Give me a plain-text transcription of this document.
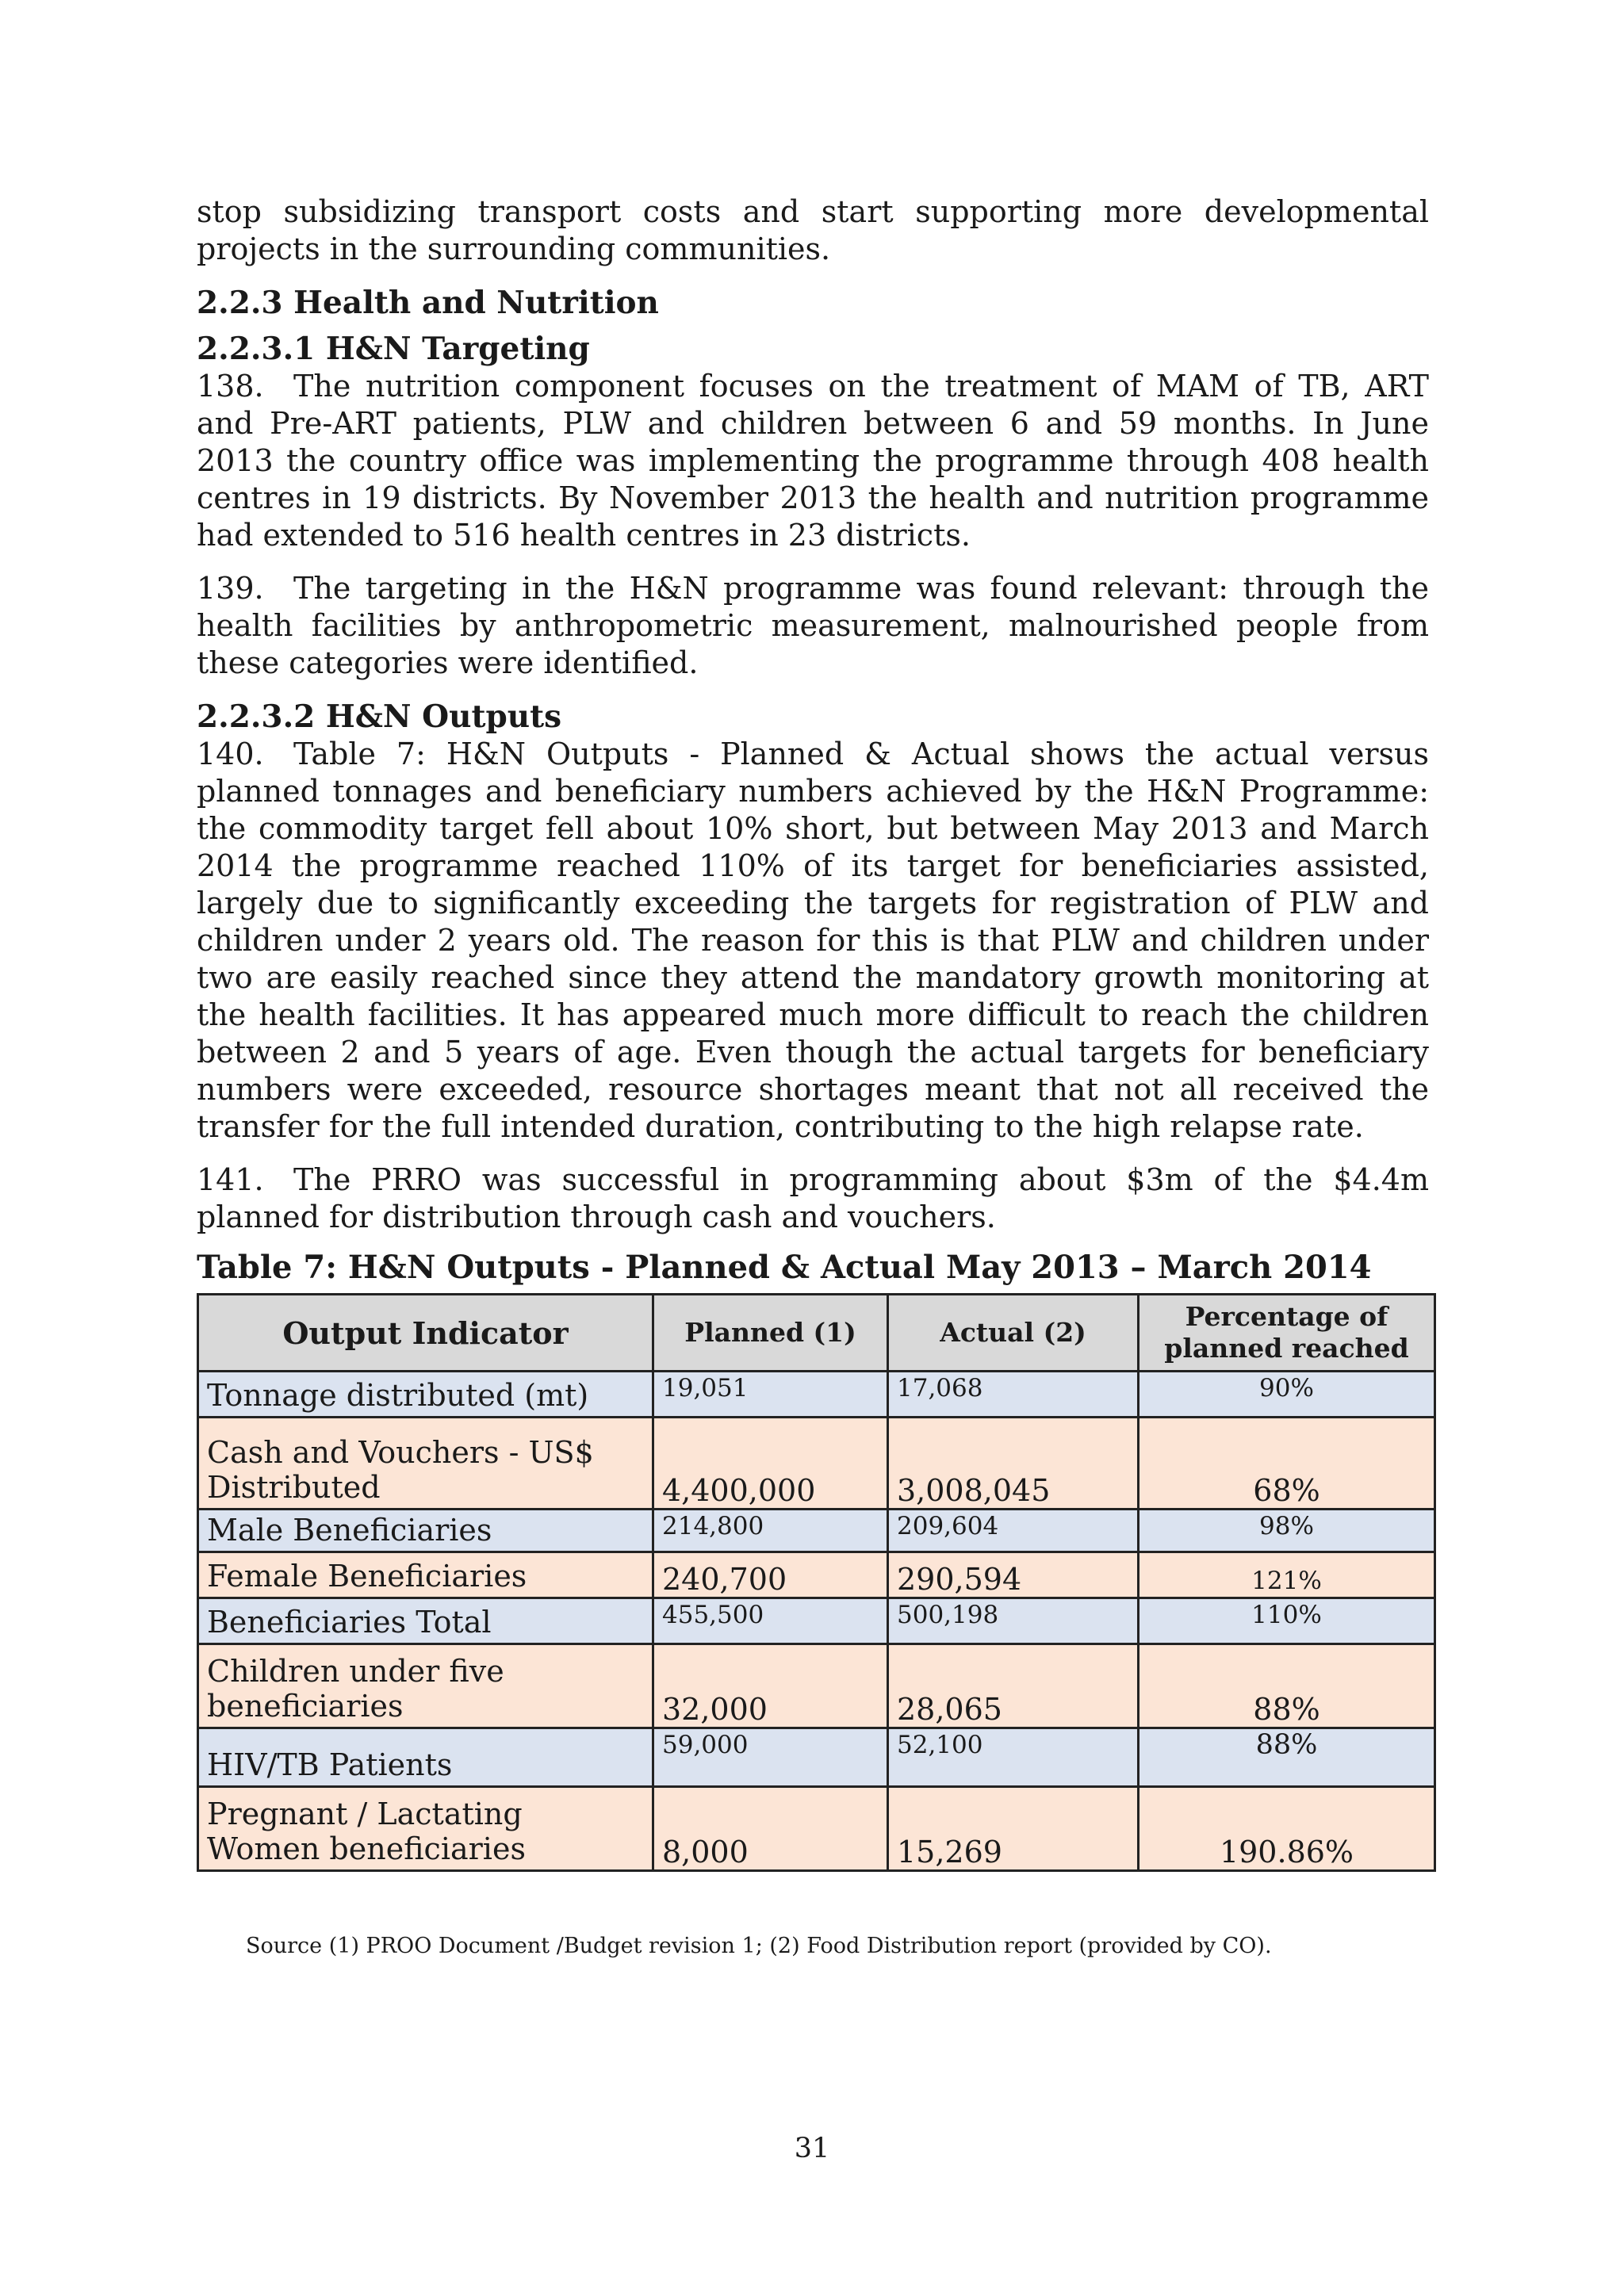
stop subsidizing transport costs and start supporting more developmental projects in the surrounding communities.

2.2.3 Health and Nutrition
2.2.3.1 H&N Targeting

138. The nutrition component focuses on the treatment of MAM of TB, ART and Pre-ART patients, PLW and children between 6 and 59 months. In June 2013 the country office was implementing the programme through 408 health centres in 19 districts. By November 2013 the health and nutrition programme had extended to 516 health centres in 23 districts.

139. The targeting in the H&N programme was found relevant: through the health facilities by anthropometric measurement, malnourished people from these categories were identified.

2.2.3.2 H&N Outputs

140. Table 7: H&N Outputs - Planned & Actual shows the actual versus planned tonnages and beneficiary numbers achieved by the H&N Programme: the commodity target fell about 10% short, but between May 2013 and March 2014 the programme reached 110% of its target for beneficiaries assisted, largely due to significantly exceeding the targets for registration of PLW and children under 2 years old. The reason for this is that PLW and children under two are easily reached since they attend the mandatory growth monitoring at the health facilities. It has appeared much more difficult to reach the children between 2 and 5 years of age. Even though the actual targets for beneficiary numbers were exceeded, resource shortages meant that not all received the transfer for the full intended duration, contributing to the high relapse rate.

141. The PRRO was successful in programming about $3m of the $4.4m planned for distribution through cash and vouchers.

Table 7: H&N Outputs - Planned & Actual May 2013 – March 2014
Output Indicator	Planned (1)	Actual (2)	Percentage of planned reached
Tonnage distributed (mt)	19,051	17,068	90%
Cash and Vouchers - US$ Distributed	4,400,000	3,008,045	68%
Male Beneficiaries	214,800	209,604	98%
Female Beneficiaries	240,700	290,594	121%
Beneficiaries Total	455,500	500,198	110%
Children under five beneficiaries	32,000	28,065	88%
HIV/TB Patients	59,000	52,100	88%
Pregnant / Lactating Women beneficiaries	8,000	15,269	190.86%
Source (1) PROO Document /Budget revision 1; (2) Food Distribution report (provided by CO).
31
